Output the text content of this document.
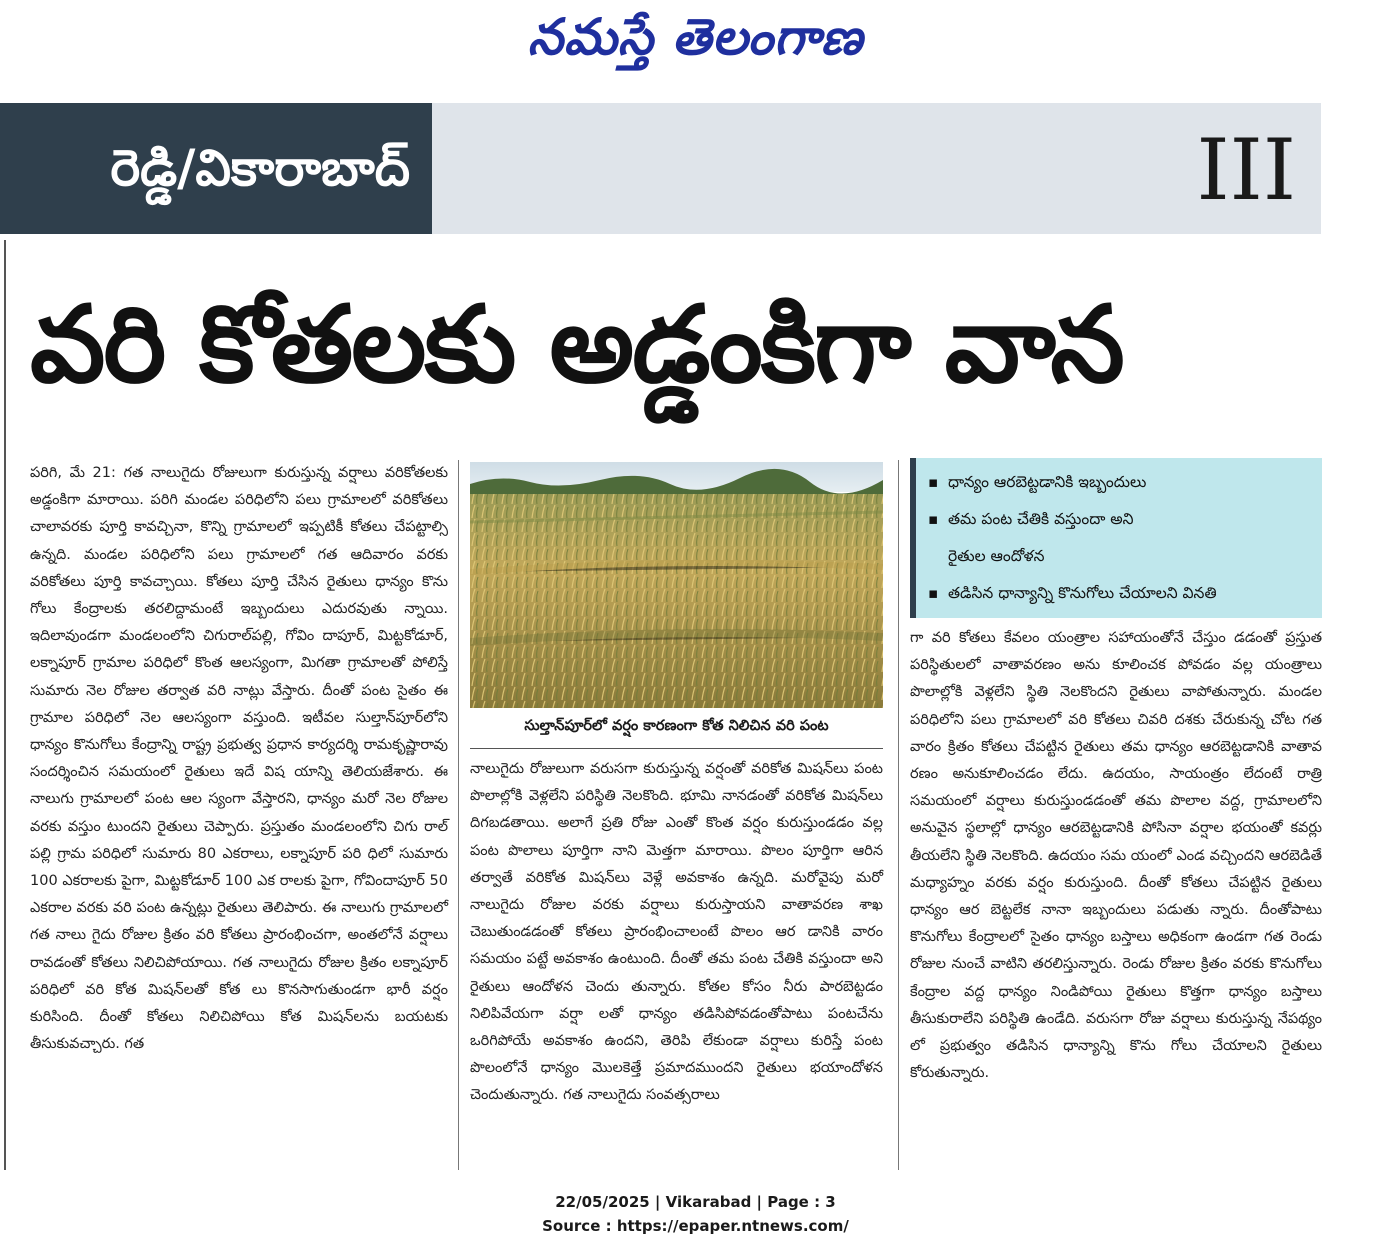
నమస్తే తెలంగాణ
రెడ్డి/వికారాబాద్	III
వరి కోతలకు అడ్డంకిగా వాన

పరిగి, మే 21: గత నాలుగైదు రోజులుగా కురుస్తున్న వర్షాలు వరికోతలకు అడ్డంకిగా మారాయి. పరిగి మండల పరిధిలోని పలు గ్రామాలలో వరికోతలు చాలావరకు పూర్తి కావచ్చినా, కొన్ని గ్రామాలలో ఇప్పటికీ కోతలు చేపట్టాల్సి ఉన్నది. మండల పరిధిలోని పలు గ్రామాలలో గత ఆదివారం వరకు వరికోతలు పూర్తి కావచ్చాయి. కోతలు పూర్తి చేసిన రైతులు ధాన్యం కొను గోలు కేంద్రాలకు తరలిద్దామంటే ఇబ్బందులు ఎదురవుతు న్నాయి. ఇదిలావుండగా మండలంలోని చిగురాల్‌పల్లి, గోవిం దాపూర్, మిట్టకోడూర్, లక్నాపూర్ గ్రామాల పరిధిలో కొంత ఆలస్యంగా, మిగతా గ్రామాలతో పోలిస్తే సుమారు నెల రోజుల తర్వాత వరి నాట్లు వేస్తారు. దీంతో పంట సైతం ఈ గ్రామాల పరిధిలో నెల ఆలస్యంగా వస్తుంది. ఇటీవల సుల్తాన్‌పూర్‌లోని ధాన్యం కొనుగోలు కేంద్రాన్ని రాష్ట్ర ప్రభుత్వ ప్రధాన కార్యదర్శి రామకృష్ణారావు సందర్శించిన సమయంలో రైతులు ఇదే విష యాన్ని తెలియజేశారు. ఈ నాలుగు గ్రామాలలో పంట ఆల స్యంగా వేస్తారని, ధాన్యం మరో నెల రోజుల వరకు వస్తుం టుందని రైతులు చెప్పారు. ప్రస్తుతం మండలంలోని చిగు రాల్ పల్లి గ్రామ పరిధిలో సుమారు 80 ఎకరాలు, లక్నాపూర్ పరి ధిలో సుమారు 100 ఎకరాలకు పైగా, మిట్టకోడూర్ 100 ఎక రాలకు పైగా, గోవిందాపూర్ 50 ఎకరాల వరకు వరి పంట ఉన్నట్లు రైతులు తెలిపారు. ఈ నాలుగు గ్రామాలలో గత నాలు గైదు రోజుల క్రితం వరి కోతలు ప్రారంభించగా, అంతలోనే వర్షాలు రావడంతో కోతలు నిలిచిపోయాయి. గత నాలుగైదు రోజుల క్రితం లక్నాపూర్ పరిధిలో వరి కోత మిషన్‌లతో కోత లు కొనసాగుతుండగా భారీ వర్షం కురిసింది. దీంతో కోతలు నిలిచిపోయి కోత మిషన్‌లను బయటకు తీసుకువచ్చారు. గత

సుల్తాన్‌పూర్‌లో వర్షం కారణంగా కోత నిలిచిన వరి పంట

నాలుగైదు రోజులుగా వరుసగా కురుస్తున్న వర్షంతో వరికోత మిషన్‌లు పంట పొలాల్లోకి వెళ్లలేని పరిస్థితి నెలకొంది. భూమి నానడంతో వరికోత మిషన్‌లు దిగబడతాయి. అలాగే ప్రతి రోజు ఎంతో కొంత వర్షం కురుస్తుండడం వల్ల పంట పొలాలు పూర్తిగా నాని మెత్తగా మారాయి. పొలం పూర్తిగా ఆరిన తర్వాతే వరికోత మిషన్‌లు వెళ్లే అవకాశం ఉన్నది. మరోవైపు మరో నాలుగైదు రోజుల వరకు వర్షాలు కురుస్తాయని వాతావరణ శాఖ చెబుతుండడంతో కోతలు ప్రారంభించాలంటే పొలం ఆర డానికి వారం సమయం పట్టే అవకాశం ఉంటుంది. దీంతో తమ పంట చేతికి వస్తుందా అని రైతులు ఆందోళన చెందు తున్నారు. కోతల కోసం నీరు పారబెట్టడం నిలిపివేయగా వర్షా లతో ధాన్యం తడిసిపోవడంతోపాటు పంటచేను ఒరిగిపోయే అవకాశం ఉందని, తెరిపి లేకుండా వర్షాలు కురిస్తే పంట పొలంలోనే ధాన్యం మొలకెత్తే ప్రమాదముందని రైతులు భయాందోళన చెందుతున్నారు. గత నాలుగైదు సంవత్సరాలు

▪ ధాన్యం ఆరబెట్టడానికి ఇబ్బందులు
▪ తమ పంట చేతికి వస్తుందా అని
రైతుల ఆందోళన
▪ తడిసిన ధాన్యాన్ని కొనుగోలు చేయాలని వినతి

గా వరి కోతలు కేవలం యంత్రాల సహాయంతోనే చేస్తుం డడంతో ప్రస్తుత పరిస్థితులలో వాతావరణం అను కూలించక పోవడం వల్ల యంత్రాలు పొలాల్లోకి వెళ్లలేని స్థితి నెలకొందని రైతులు వాపోతున్నారు. మండల పరిధిలోని పలు గ్రామాలలో వరి కోతలు చివరి దశకు చేరుకున్న చోట గత వారం క్రితం కోతలు చేపట్టిన రైతులు తమ ధాన్యం ఆరబెట్టడానికి వాతావ రణం అనుకూలించడం లేదు. ఉదయం, సాయంత్రం లేదంటే రాత్రి సమయంలో వర్షాలు కురుస్తుండడంతో తమ పొలాల వద్ద, గ్రామాలలోని అనువైన స్థలాల్లో ధాన్యం ఆరబెట్టడానికి పోసినా వర్షాల భయంతో కవర్లు తీయలేని స్థితి నెలకొంది. ఉదయం సమ యంలో ఎండ వచ్చిందని ఆరబెడితే మధ్యాహ్నం వరకు వర్షం కురుస్తుంది. దీంతో కోతలు చేపట్టిన రైతులు ధాన్యం ఆర బెట్టలేక నానా ఇబ్బందులు పడుతు న్నారు. దీంతోపాటు కొనుగోలు కేంద్రాలలో సైతం ధాన్యం బస్తాలు అధికంగా ఉండగా గత రెండు రోజుల నుంచే వాటిని తరలిస్తున్నారు. రెండు రోజుల క్రితం వరకు కొనుగోలు కేంద్రాల వద్ద ధాన్యం నిండిపోయి రైతులు కొత్తగా ధాన్యం బస్తాలు తీసుకురాలేని పరిస్థితి ఉండేది. వరుసగా రోజు వర్షాలు కురుస్తున్న నేపథ్యం లో ప్రభుత్వం తడిసిన ధాన్యాన్ని కొను గోలు చేయాలని రైతులు కోరుతున్నారు.

22/05/2025 | Vikarabad | Page : 3
Source : https://epaper.ntnews.com/
